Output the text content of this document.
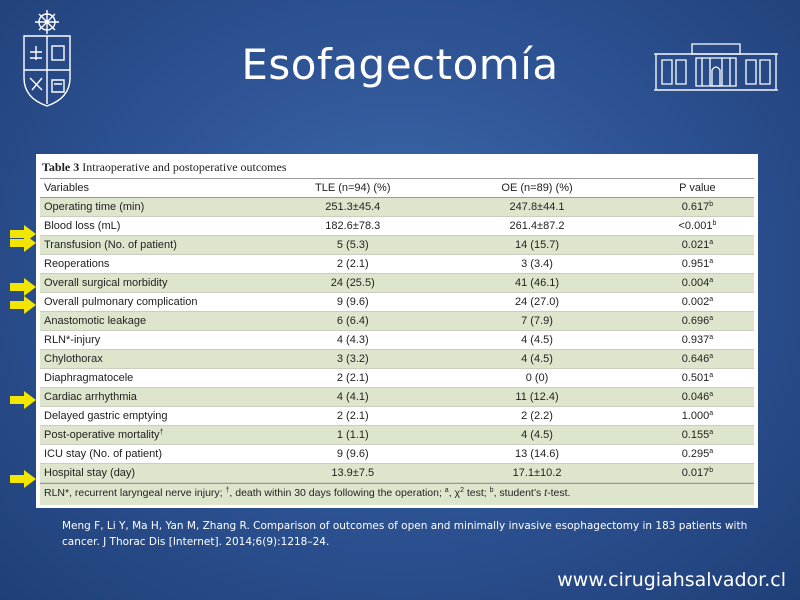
Esofagectomía
Table 3 Intraoperative and postoperative outcomes
Variables	TLE (n=94) (%)	OE (n=89) (%)	P value
Operating time (min)	251.3±45.4	247.8±44.1	0.617$^b$
Blood loss (mL)	182.6±78.3	261.4±87.2	<0.001$^b$
Transfusion (No. of patient)	5 (5.3)	14 (15.7)	0.021$^a$
Reoperations	2 (2.1)	3 (3.4)	0.951$^a$
Overall surgical morbidity	24 (25.5)	41 (46.1)	0.004$^a$
Overall pulmonary complication	9 (9.6)	24 (27.0)	0.002$^a$
Anastomotic leakage	6 (6.4)	7 (7.9)	0.696$^a$
RLN*-injury	4 (4.3)	4 (4.5)	0.937$^a$
Chylothorax	3 (3.2)	4 (4.5)	0.646$^a$
Diaphragmatocele	2 (2.1)	0 (0)	0.501$^a$
Cardiac arrhythmia	4 (4.1)	11 (12.4)	0.046$^a$
Delayed gastric emptying	2 (2.1)	2 (2.2)	1.000$^a$
Post-operative mortality†	1 (1.1)	4 (4.5)	0.155$^a$
ICU stay (No. of patient)	9 (9.6)	13 (14.6)	0.295$^a$
Hospital stay (day)	13.9±7.5	17.1±10.2	0.017$^b$
RLN*, recurrent laryngeal nerve injury; †, death within 30 days following the operation; $^a$, $\chi^2$ test; $^b$, student’s t-test.
Meng F, Li Y, Ma H, Yan M, Zhang R. Comparison of outcomes of open and minimally invasive esophagectomy in 183 patients with cancer. J Thorac Dis [Internet]. 2014;6(9):1218–24.
www.cirugiahsalvador.cl
